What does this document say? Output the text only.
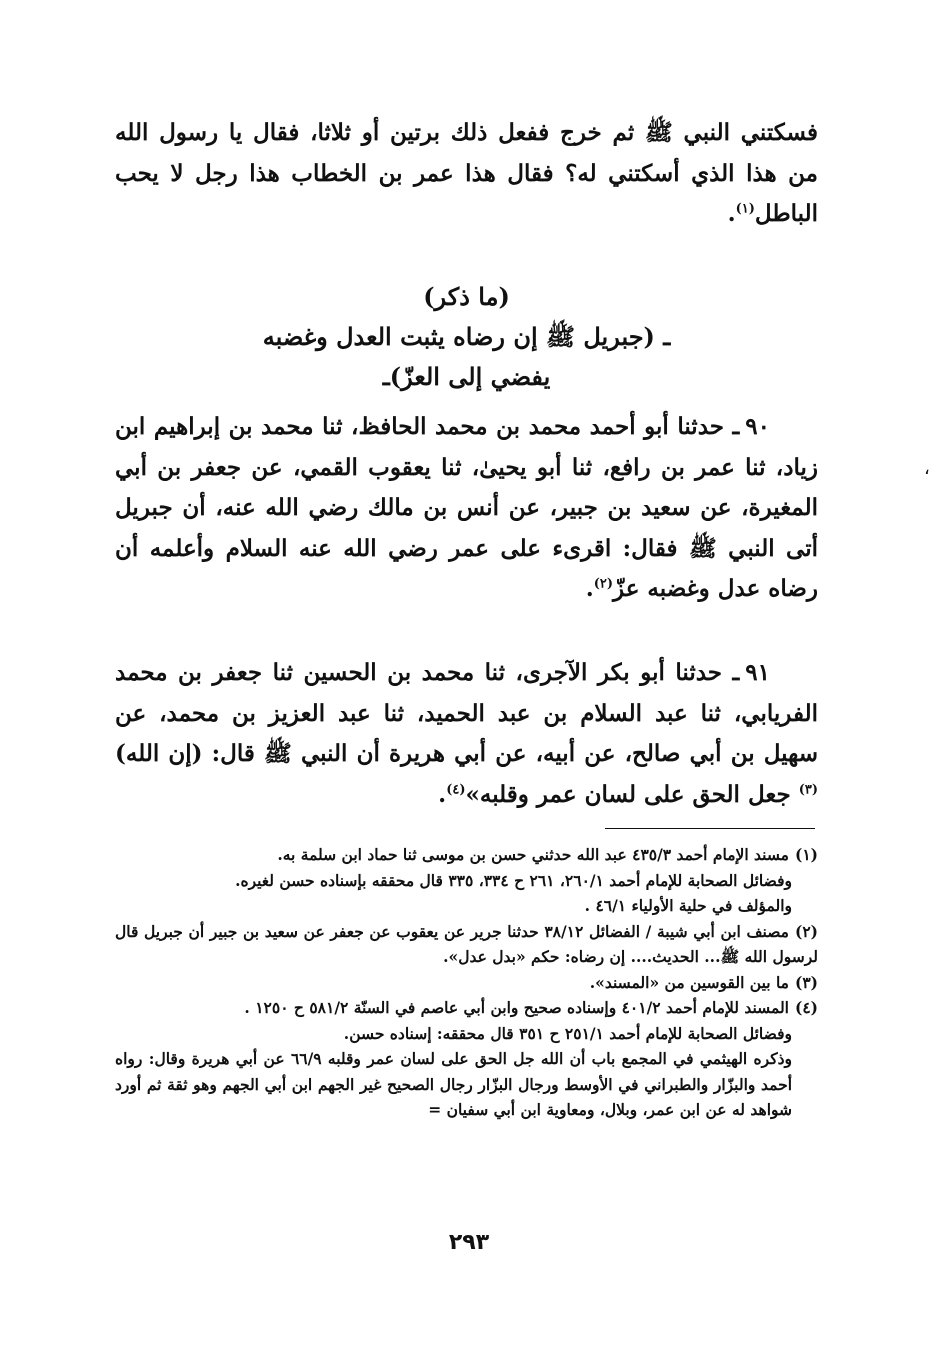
فسكتني النبي ﷺ ثم خرج ففعل ذلك برتين أو ثلاثا، فقال يا رسول الله من هذا الذي أسكتني له؟ فقال هذا عمر بن الخطاب هذا رجل لا يحب الباطل$^{(١)}$.

(ما ذكر)
ـ (جبريل ﷺ إن رضاه يثبت العدل وغضبه
يفضي إلى العزّ)ـ

٩٠ـ حدثنا أبو أحمد محمد بن محمد الحافظ، ثنا محمد بن إبراهيم ابن زياد، ثنا عمر بن رافع، ثنا أبو يحيىٰ، ثنا يعقوب القمي، عن جعفر بن أبي المغيرة، عن سعيد بن جبير، عن أنس بن مالك رضي الله عنه، أن جبريل أتى النبي ﷺ فقال: اقرىء على عمر رضي الله عنه السلام وأعلمه أن رضاه عدل وغضبه عزّ$^{(٢)}$.

،

٩١ـ حدثنا أبو بكر الآجرى، ثنا محمد بن الحسين ثنا جعفر بن محمد الفريابي، ثنا عبد السلام بن عبد الحميد، ثنا عبد العزيز بن محمد، عن سهيل بن أبي صالح، عن أبيه، عن أبي هريرة أن النبي ﷺ قال: (إن الله)$^{(٣)}$ جعل الحق على لسان عمر وقلبه»$^{(٤)}$.

(١)مسند الإمام أحمد ٤٣٥/٣ عبد الله حدثني حسن بن موسى ثنا حماد ابن سلمة به.

وفضائل الصحابة للإمام أحمد ٢٦٠/١، ٢٦١ ح ٣٣٤، ٣٣٥ قال محققه بإسناده حسن لغيره.

والمؤلف في حلية الأولياء ٤٦/١ .

(٢)مصنف ابن أبي شيبة / الفضائل ٣٨/١٢ حدثنا جرير عن يعقوب عن جعفر عن سعيد بن جبير أن جبريل قال لرسول الله ﷺ... الحديث.... إن رضاه: حكم «بدل عدل».

(٣)ما بين القوسين من «المسند».

(٤)المسند للإمام أحمد ٤٠١/٢ وإسناده صحيح وابن أبي عاصم في السنّة ٥٨١/٢ ح ١٢٥٠ .

وفضائل الصحابة للإمام أحمد ٢٥١/١ ح ٣٥١ قال محققه: إسناده حسن.

وذكره الهيثمي في المجمع باب أن الله جل الحق على لسان عمر وقلبه ٦٦/٩ عن أبي هريرة وقال: رواه أحمد والبزّار والطبراني في الأوسط ورجال البزّار رجال الصحيح غير الجهم ابن أبي الجهم وهو ثقة ثم أورد شواهد له عن ابن عمر، وبلال، ومعاوية ابن أبي سفيان =

٢٩٣
